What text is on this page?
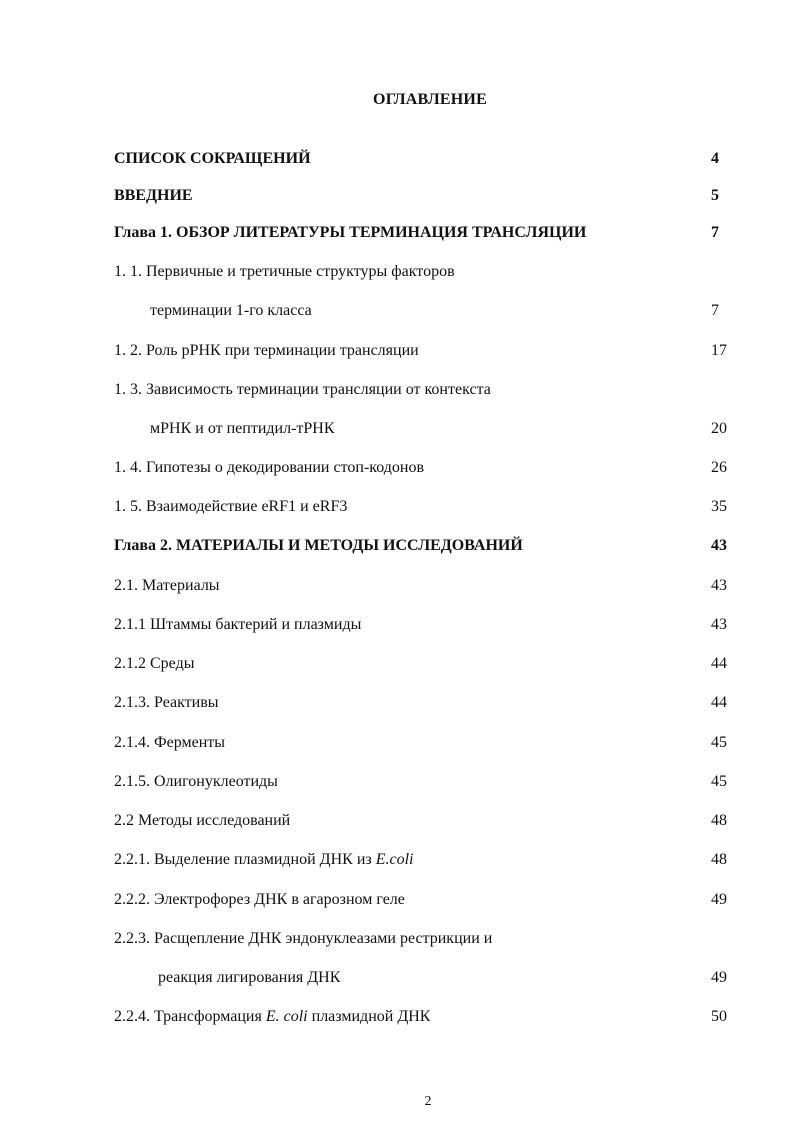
ОГЛАВЛЕНИЕ
СПИСОК СОКРАЩЕНИЙ	4
ВВЕДНИЕ	5
Глава 1. ОБЗОР ЛИТЕРАТУРЫ ТЕРМИНАЦИЯ ТРАНСЛЯЦИИ	7
1. 1. Первичные и третичные структуры факторов
терминации 1-го класса	7
1. 2. Роль рРНК при терминации трансляции	17
1. 3. Зависимость терминации трансляции от контекста
мРНК и от пептидил-тРНК	20
1. 4. Гипотезы о декодировании стоп-кодонов	26
1. 5. Взаимодействие eRF1 и eRF3	35
Глава 2. МАТЕРИАЛЫ И МЕТОДЫ ИССЛЕДОВАНИЙ	43
2.1. Материалы	43
2.1.1 Штаммы бактерий и плазмиды	43
2.1.2 Среды	44
2.1.3. Реактивы	44
2.1.4. Ферменты	45
2.1.5. Олигонуклеотиды	45
2.2 Методы исследований	48
2.2.1. Выделение плазмидной ДНК из E.coli	48
2.2.2. Электрофорез ДНК в агарозном геле	49
2.2.3. Расщепление ДНК эндонуклеазами рестрикции и
реакция лигирования ДНК	49
2.2.4. Трансформация E. coli плазмидной ДНК	50
2
